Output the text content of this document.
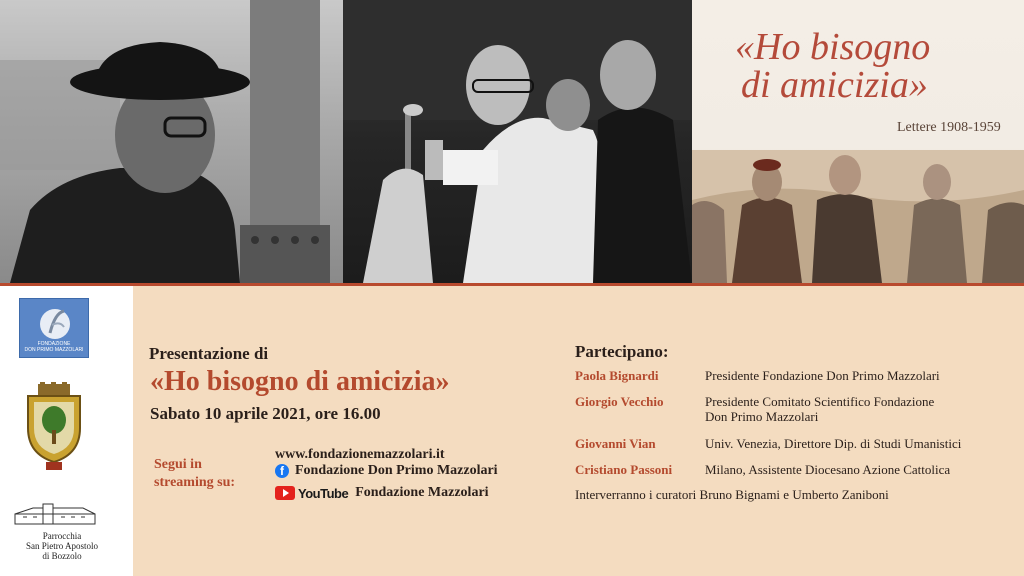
«Ho bisogno
di amicizia»
Lettere 1908-1959
FONDAZIONE
DON PRIMO MAZZOLARI
Parrocchia
San Pietro Apostolo
di Bozzolo
Presentazione di
«Ho bisogno di amicizia»
Sabato 10 aprile 2021, ore 16.00
Segui in
streaming su:
www.fondazionemazzolari.it
f Fondazione Don Primo Mazzolari
YouTube Fondazione Mazzolari
Partecipano:
Paola Bignardi	Presidente Fondazione Don Primo Mazzolari
Giorgio Vecchio	Presidente Comitato Scientifico Fondazione
Don Primo Mazzolari
Giovanni Vian	Univ. Venezia, Direttore Dip. di Studi Umanistici
Cristiano Passoni	Milano, Assistente Diocesano Azione Cattolica
Interverranno i curatori Bruno Bignami e Umberto Zaniboni
